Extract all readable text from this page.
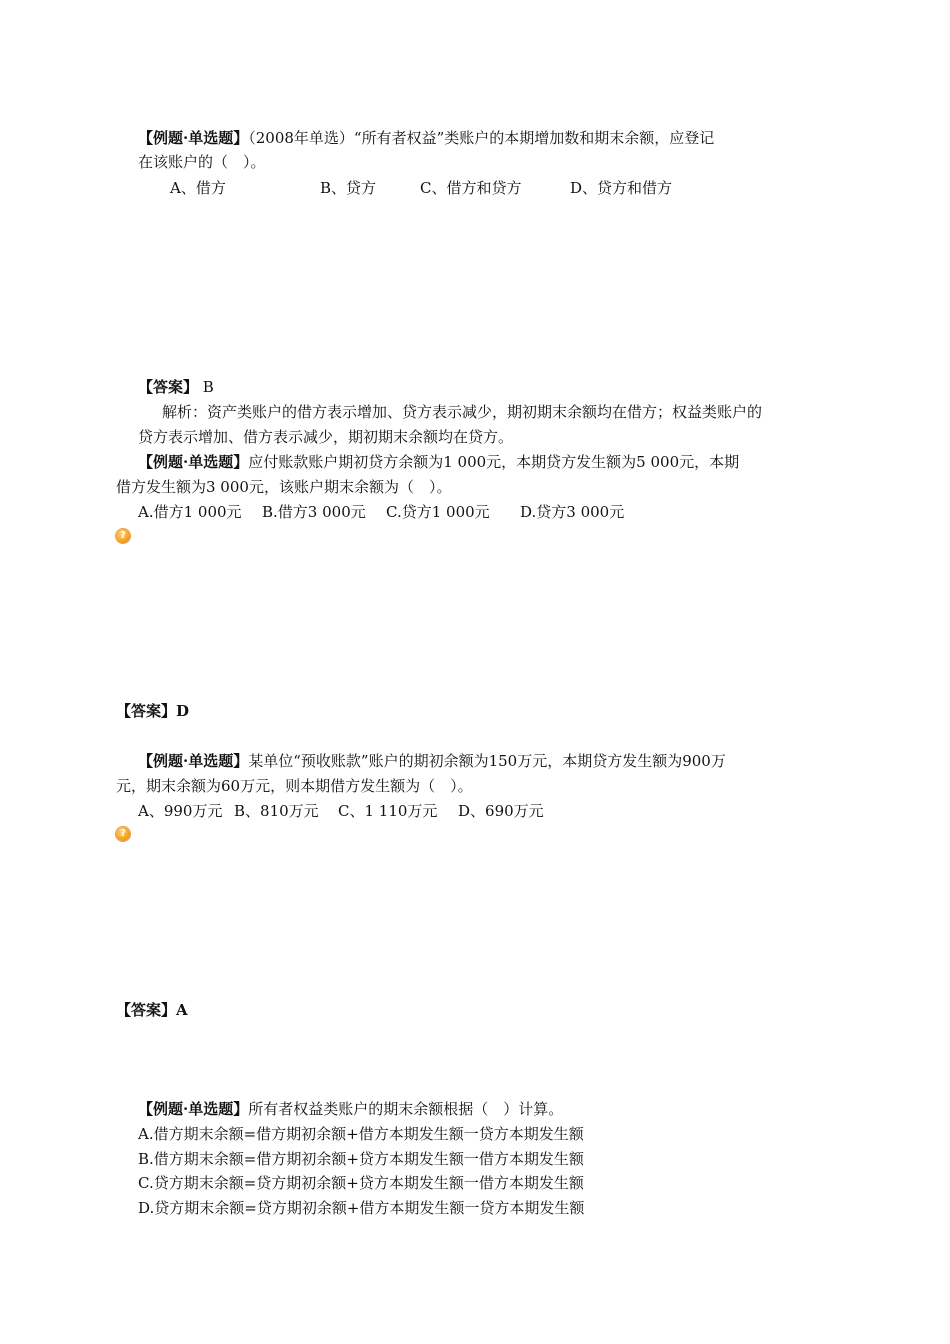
【例题·单选题】（2008年单选）“所有者权益”类账户的本期增加数和期末余额，应登记
在该账户的（　）。
A、借方	B、贷方	C、借方和贷方	D、贷方和借方
【答案】 B
解析：资产类账户的借方表示增加、贷方表示减少，期初期末余额均在借方；权益类账户的
贷方表示增加、借方表示减少，期初期末余额均在贷方。
【例题·单选题】应付账款账户期初贷方余额为1 000元，本期贷方发生额为5 000元，本期
借方发生额为3 000元，该账户期末余额为（　）。
A.借方1 000元 B.借方3 000元 C.贷方1 000元 D.贷方3 000元
?
【答案】D
【例题·单选题】某单位“预收账款”账户的期初余额为150万元，本期贷方发生额为900万
元，期末余额为60万元，则本期借方发生额为（　）。
A、990万元 B、810万元 C、1 110万元 D、690万元
?
【答案】A
【例题·单选题】所有者权益类账户的期末余额根据（　）计算。
A.借方期末余额=借方期初余额+借方本期发生额一贷方本期发生额
B.借方期末余额=借方期初余额+贷方本期发生额一借方本期发生额
C.贷方期末余额=贷方期初余额+贷方本期发生额一借方本期发生额
D.贷方期末余额=贷方期初余额+借方本期发生额一贷方本期发生额
